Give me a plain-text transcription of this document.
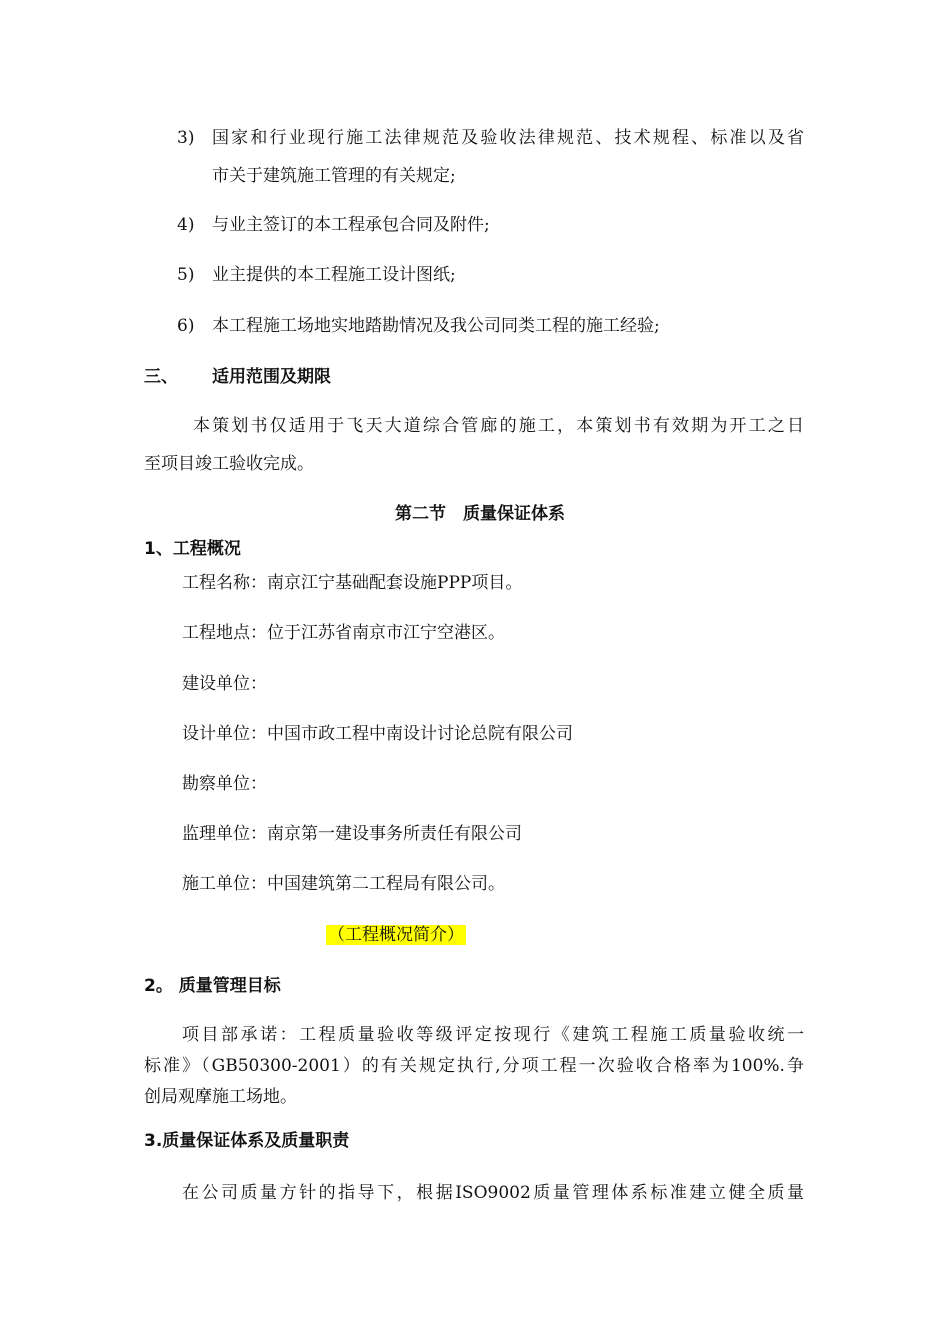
3) 国家和行业现行施工法律规范及验收法律规范、技术规程、标准以及省
市关于建筑施工管理的有关规定;
4) 与业主签订的本工程承包合同及附件;
5) 业主提供的本工程施工设计图纸;
6) 本工程施工场地实地踏勘情况及我公司同类工程的施工经验;
三、 适用范围及期限
本策划书仅适用于飞天大道综合管廊的施工，本策划书有效期为开工之日
至项目竣工验收完成。
第二节　质量保证体系
1、工程概况
工程名称：南京江宁基础配套设施PPP项目。
工程地点：位于江苏省南京市江宁空港区。
建设单位：
设计单位：中国市政工程中南设计讨论总院有限公司
勘察单位：
监理单位：南京第一建设事务所责任有限公司
施工单位：中国建筑第二工程局有限公司。
（工程概况简介）
2。 质量管理目标
项目部承诺：工程质量验收等级评定按现行《建筑工程施工质量验收统一
标准》（GB50300-2001）的有关规定执行,分项工程一次验收合格率为100%.争
创局观摩施工场地。
3.质量保证体系及质量职责
在公司质量方针的指导下，根据ISO9002质量管理体系标准建立健全质量
